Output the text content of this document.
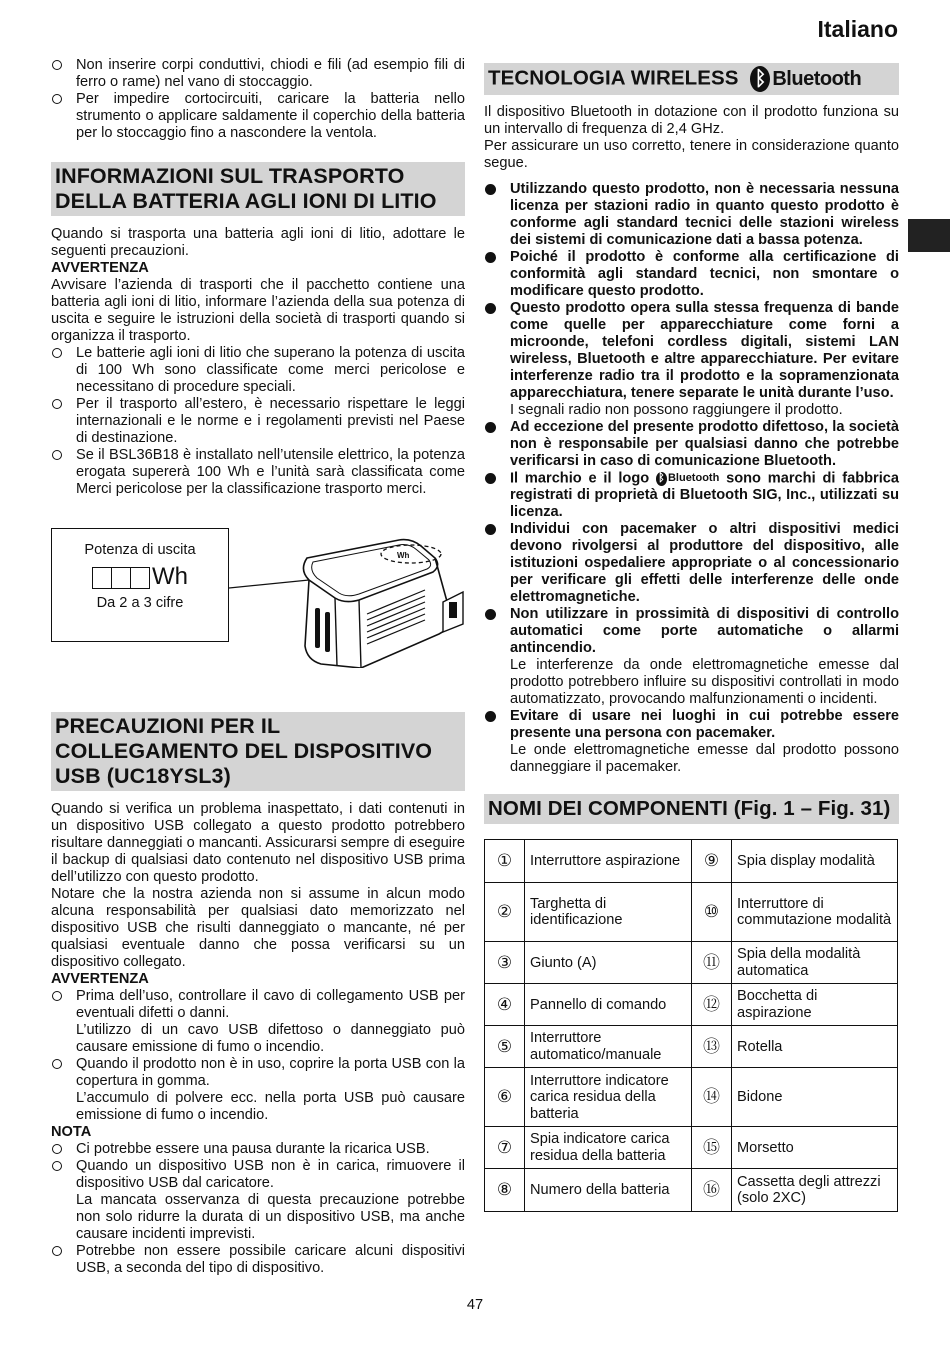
Italiano
Non inserire corpi conduttivi, chiodi e fili (ad esempio fili di ferro o rame) nel vano di stoccaggio.
Per impedire cortocircuiti, caricare la batteria nello strumento o applicare saldamente il coperchio della batteria per lo stoccaggio fino a nascondere la ventola.
INFORMAZIONI SUL TRASPORTO DELLA BATTERIA AGLI IONI DI LITIO

Quando si trasporta una batteria agli ioni di litio, adottare le seguenti precauzioni.

AVVERTENZA

Avvisare l’azienda di trasporti che il pacchetto contiene una batteria agli ioni di litio, informare l’azienda della sua potenza di uscita e seguire le istruzioni della società di trasporti quando si organizza il trasporto.

Le batterie agli ioni di litio che superano la potenza di uscita di 100 Wh sono classificate come merci pericolose e necessitano di procedure speciali.
Per il trasporto all’estero, è necessario rispettare le leggi internazionali e le norme e i regolamenti previsti nel Paese di destinazione.
Se il BSL36B18 è installato nell’utensile elettrico, la potenza erogata supererà 100 Wh e l’unità sarà classificata come Merci pericolose per la classificazione trasporto merci.
Potenza di uscita
Wh
Da 2 a 3 cifre
Wh
PRECAUZIONI PER IL COLLEGAMENTO DEL DISPOSITIVO USB (UC18YSL3)

Quando si verifica un problema inaspettato, i dati contenuti in un dispositivo USB collegato a questo prodotto potrebbero risultare danneggiati o mancanti. Assicurarsi sempre di eseguire il backup di qualsiasi dato contenuto nel dispositivo USB prima dell’utilizzo con questo prodotto.

Notare che la nostra azienda non si assume in alcun modo alcuna responsabilità per qualsiasi dato memorizzato nel dispositivo USB che risulti danneggiato o mancante, né per qualsiasi eventuale danno che possa verificarsi su un dispositivo collegato.

AVVERTENZA
Prima dell’uso, controllare il cavo di collegamento USB per eventuali difetti o danni.
L’utilizzo di un cavo USB difettoso o danneggiato può causare emissione di fumo o incendio.
Quando il prodotto non è in uso, coprire la porta USB con la copertura in gomma.
L’accumulo di polvere ecc. nella porta USB può causare emissione di fumo o incendio.
NOTA
Ci potrebbe essere una pausa durante la ricarica USB.
Quando un dispositivo USB non è in carica, rimuovere il dispositivo USB dal caricatore.
La mancata osservanza di questa precauzione potrebbe non solo ridurre la durata di un dispositivo USB, ma anche causare incidenti imprevisti.
Potrebbe non essere possibile caricare alcuni dispositivi USB, a seconda del tipo di dispositivo.
TECNOLOGIA WIRELESS ᛒ Bluetooth

Il dispositivo Bluetooth in dotazione con il prodotto funziona su un intervallo di frequenza di 2,4 GHz.

Per assicurare un uso corretto, tenere in considerazione quanto segue.

Utilizzando questo prodotto, non è necessaria nessuna licenza per stazioni radio in quanto questo prodotto è conforme agli standard tecnici delle stazioni wireless dei sistemi di comunicazione dati a bassa potenza.
Poiché il prodotto è conforme alla certificazione di conformità agli standard tecnici, non smontare o modificare questo prodotto.
Questo prodotto opera sulla stessa frequenza di bande come quelle per apparecchiature come forni a microonde, telefoni cordless digitali, sistemi LAN wireless, Bluetooth e altre apparecchiature. Per evitare interferenze radio tra il prodotto e la sopramenzionata apparecchiatura, tenere separate le unità durante l’uso.
I segnali radio non possono raggiungere il prodotto.
Ad eccezione del presente prodotto difettoso, la società non è responsabile per qualsiasi danno che potrebbe verificarsi in caso di comunicazione Bluetooth.
Il marchio e il logo ᛒ Bluetooth sono marchi di fabbrica registrati di proprietà di Bluetooth SIG, Inc., utilizzati su licenza.
Individui con pacemaker o altri dispositivi medici devono rivolgersi al produttore del dispositivo, alle istituzioni ospedaliere appropriate o al concessionario per verificare gli effetti delle interferenze delle onde elettromagnetiche.
Non utilizzare in prossimità di dispositivi di controllo automatici come porte automatiche o allarmi antincendio.
Le interferenze da onde elettromagnetiche emesse dal prodotto potrebbero influire su dispositivi controllati in modo automatizzato, provocando malfunzionamenti o incidenti.
Evitare di usare nei luoghi in cui potrebbe essere presente una persona con pacemaker.
Le onde elettromagnetiche emesse dal prodotto possono danneggiare il pacemaker.
NOMI DEI COMPONENTI (Fig. 1 – Fig. 31)
①	Interruttore aspirazione	⑨	Spia display modalità
②	Targhetta di identificazione	⑩	Interruttore di commutazione modalità
③	Giunto (A)	⑪	Spia della modalità automatica
④	Pannello di comando	⑫	Bocchetta di aspirazione
⑤	Interruttore automatico/manuale	⑬	Rotella
⑥	Interruttore indicatore carica residua della batteria	⑭	Bidone
⑦	Spia indicatore carica residua della batteria	⑮	Morsetto
⑧	Numero della batteria	⑯	Cassetta degli attrezzi (solo 2XC)
47
